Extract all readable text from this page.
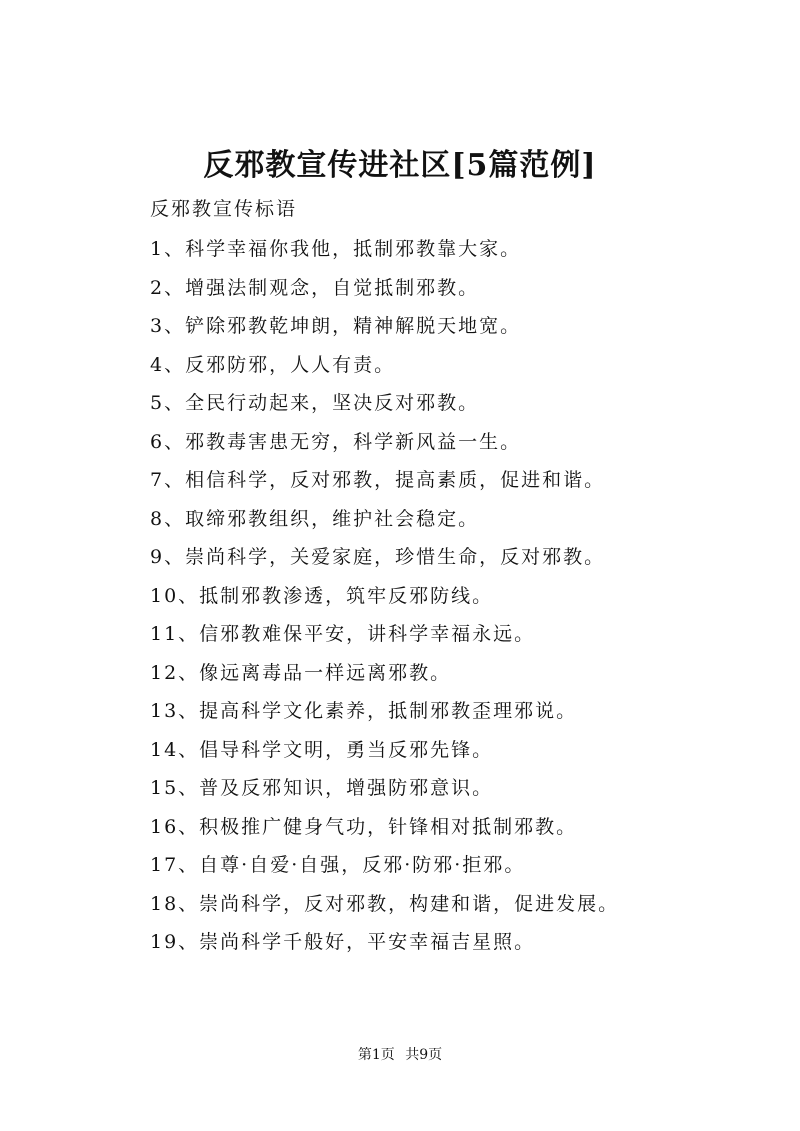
反邪教宣传进社区[5篇范例]

反邪教宣传标语

1、科学幸福你我他，抵制邪教靠大家。
2、增强法制观念，自觉抵制邪教。
3、铲除邪教乾坤朗，精神解脱天地宽。
4、反邪防邪，人人有责。
5、全民行动起来，坚决反对邪教。
6、邪教毒害患无穷，科学新风益一生。
7、相信科学，反对邪教，提高素质，促进和谐。
8、取缔邪教组织，维护社会稳定。
9、崇尚科学，关爱家庭，珍惜生命，反对邪教。
10、抵制邪教渗透，筑牢反邪防线。
11、信邪教难保平安，讲科学幸福永远。
12、像远离毒品一样远离邪教。
13、提高科学文化素养，抵制邪教歪理邪说。
14、倡导科学文明，勇当反邪先锋。
15、普及反邪知识，增强防邪意识。
16、积极推广健身气功，针锋相对抵制邪教。
17、自尊·自爱·自强，反邪·防邪·拒邪。
18、崇尚科学，反对邪教，构建和谐，促进发展。
19、崇尚科学千般好，平安幸福吉星照。
第1页 共9页
